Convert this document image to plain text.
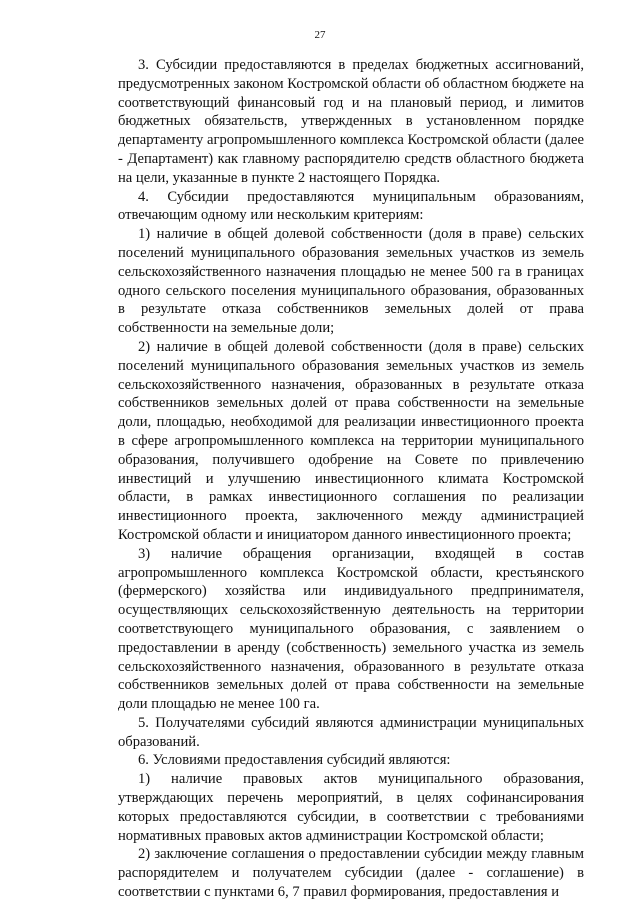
27

3. Субсидии предоставляются в пределах бюджетных ассигнований, предусмотренных законом Костромской области об областном бюджете на соответствующий финансовый год и на плановый период, и лимитов бюджетных обязательств, утвержденных в установленном порядке департаменту агропромышленного комплекса Костромской области (далее - Департамент) как главному распорядителю средств областного бюджета на цели, указанные в пункте 2 настоящего Порядка.

4. Субсидии предоставляются муниципальным образованиям, отвечающим одному или нескольким критериям:

1) наличие в общей долевой собственности (доля в праве) сельских поселений муниципального образования земельных участков из земель сельскохозяйственного назначения площадью не менее 500 га в границах одного сельского поселения муниципального образования, образованных в результате отказа собственников земельных долей от права собственности на земельные доли;

2) наличие в общей долевой собственности (доля в праве) сельских поселений муниципального образования земельных участков из земель сельскохозяйственного назначения, образованных в результате отказа собственников земельных долей от права собственности на земельные доли, площадью, необходимой для реализации инвестиционного проекта в сфере агропромышленного комплекса на территории муниципального образования, получившего одобрение на Совете по привлечению инвестиций и улучшению инвестиционного климата Костромской области, в рамках инвестиционного соглашения по реализации инвестиционного проекта, заключенного между администрацией Костромской области и инициатором данного инвестиционного проекта;

3) наличие обращения организации, входящей в состав агропромышленного комплекса Костромской области, крестьянского (фермерского) хозяйства или индивидуального предпринимателя, осуществляющих сельскохозяйственную деятельность на территории соответствующего муниципального образования, с заявлением о предоставлении в аренду (собственность) земельного участка из земель сельскохозяйственного назначения, образованного в результате отказа собственников земельных долей от права собственности на земельные доли площадью не менее 100 га.

5. Получателями субсидий являются администрации муниципальных образований.

6. Условиями предоставления субсидий являются:

1) наличие правовых актов муниципального образования, утверждающих перечень мероприятий, в целях софинансирования которых предоставляются субсидии, в соответствии с требованиями нормативных правовых актов администрации Костромской области;

2) заключение соглашения о предоставлении субсидии между главным распорядителем и получателем субсидии (далее - соглашение) в соответствии с пунктами 6, 7 правил формирования, предоставления и
